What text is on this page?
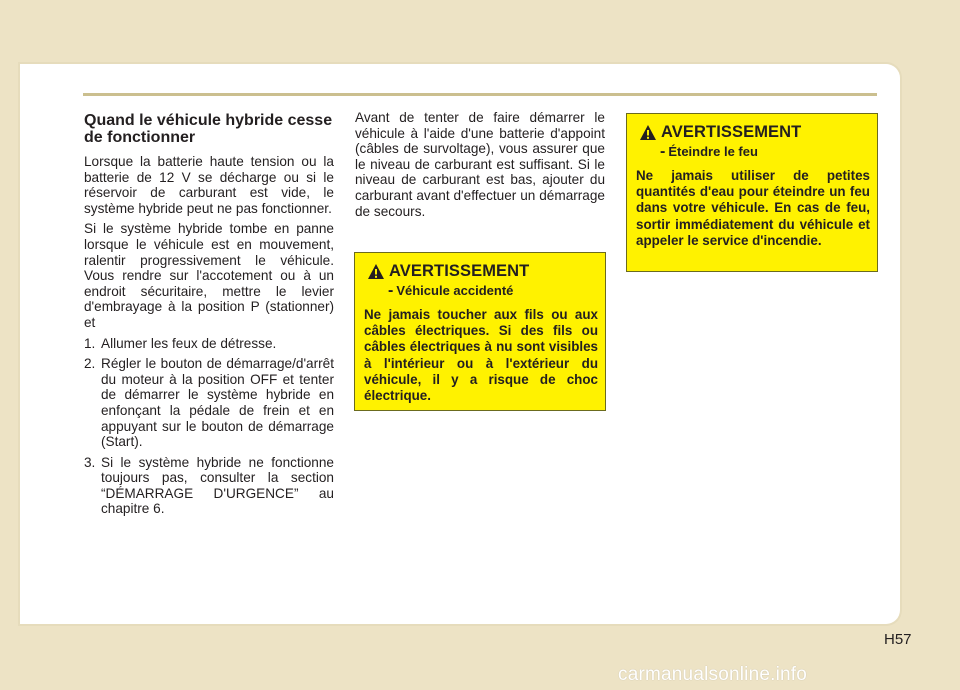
Quand le véhicule hybride cesse de fonctionner

Lorsque la batterie haute tension ou la batterie de 12 V se décharge ou si le réservoir de carburant est vide, le système hybride peut ne pas fonctionner.

Si le système hybride tombe en panne lorsque le véhicule est en mouvement, ralentir progressivement le véhicule. Vous rendre sur l'accotement ou à un endroit sécuritaire, mettre le levier d'embrayage à la position P (stationner) et

1. Allumer les feux de détresse.
2. Régler le bouton de démarrage/d'arrêt du moteur à la position OFF et tenter de démarrer le système hybride en enfonçant la pédale de frein et en appuyant sur le bouton de démarrage (Start).
3. Si le système hybride ne fonctionne toujours pas, consulter la section “DÉMARRAGE D'URGENCE” au chapitre 6.

Avant de tenter de faire démarrer le véhicule à l'aide d'une batterie d'appoint (câbles de survoltage), vous assurer que le niveau de carburant est suffisant. Si le niveau de carburant est bas, ajouter du carburant avant d'effectuer un démarrage de secours.

AVERTISSEMENT
- Véhicule accidenté
Ne jamais toucher aux fils ou aux câbles électriques. Si des fils ou câbles électriques à nu sont visibles à l'intérieur ou à l'extérieur du véhicule, il y a risque de choc électrique.
AVERTISSEMENT
- Éteindre le feu
Ne jamais utiliser de petites quantités d'eau pour éteindre un feu dans votre véhicule. En cas de feu, sortir immédiatement du véhicule et appeler le service d'incendie.
H57
carmanualsonline.info
